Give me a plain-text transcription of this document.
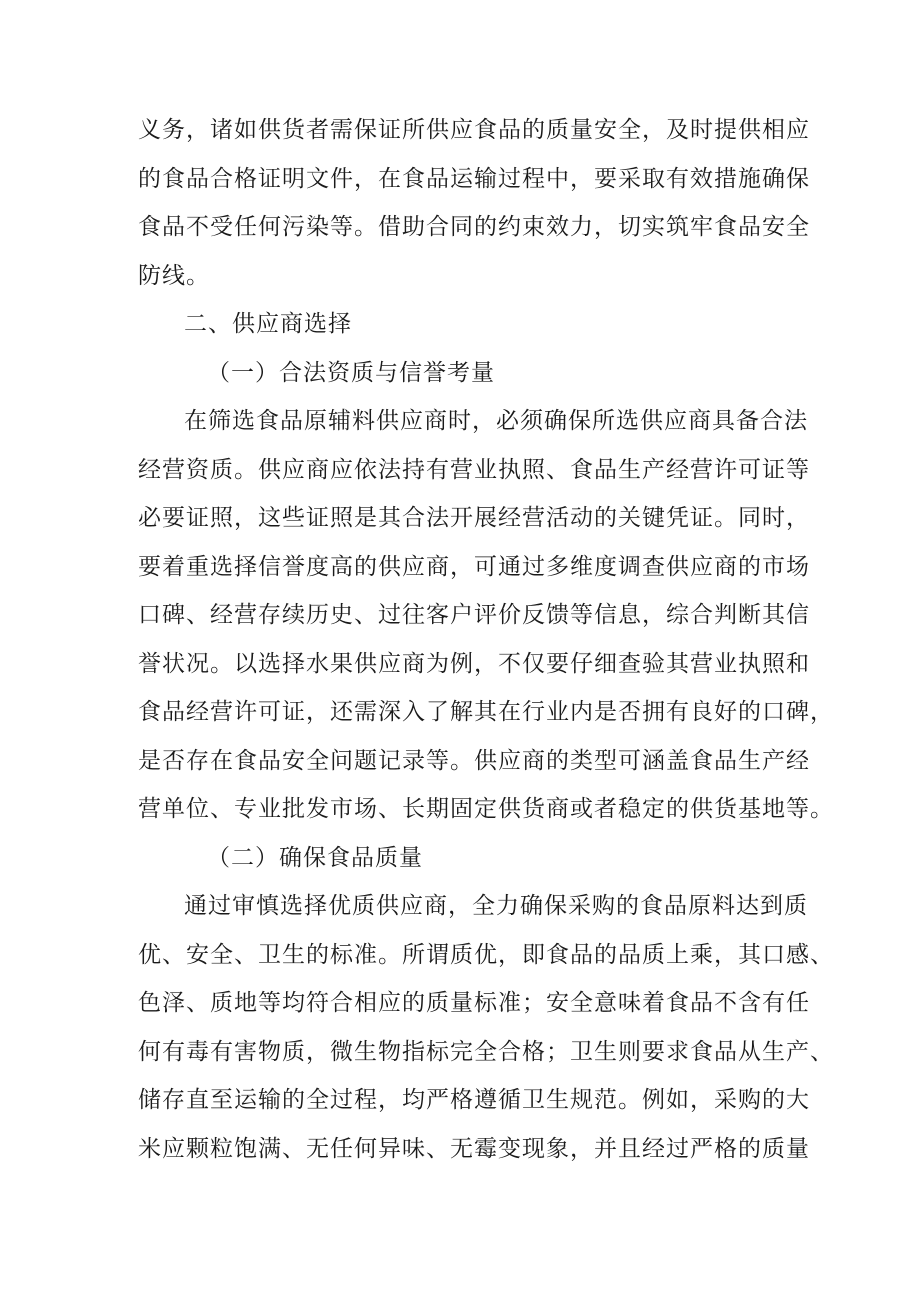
义务，诸如供货者需保证所供应食品的质量安全，及时提供相应
的食品合格证明文件，在食品运输过程中，要采取有效措施确保
食品不受任何污染等。借助合同的约束效力，切实筑牢食品安全
防线。
二、供应商选择
（一）合法资质与信誉考量
在筛选食品原辅料供应商时，必须确保所选供应商具备合法
经营资质。供应商应依法持有营业执照、食品生产经营许可证等
必要证照，这些证照是其合法开展经营活动的关键凭证。同时，
要着重选择信誉度高的供应商，可通过多维度调查供应商的市场
口碑、经营存续历史、过往客户评价反馈等信息，综合判断其信
誉状况。以选择水果供应商为例，不仅要仔细查验其营业执照和
食品经营许可证，还需深入了解其在行业内是否拥有良好的口碑，
是否存在食品安全问题记录等。供应商的类型可涵盖食品生产经
营单位、专业批发市场、长期固定供货商或者稳定的供货基地等。
（二）确保食品质量
通过审慎选择优质供应商，全力确保采购的食品原料达到质
优、安全、卫生的标准。所谓质优，即食品的品质上乘，其口感、
色泽、质地等均符合相应的质量标准；安全意味着食品不含有任
何有毒有害物质，微生物指标完全合格；卫生则要求食品从生产、
储存直至运输的全过程，均严格遵循卫生规范。例如，采购的大
米应颗粒饱满、无任何异味、无霉变现象，并且经过严格的质量
